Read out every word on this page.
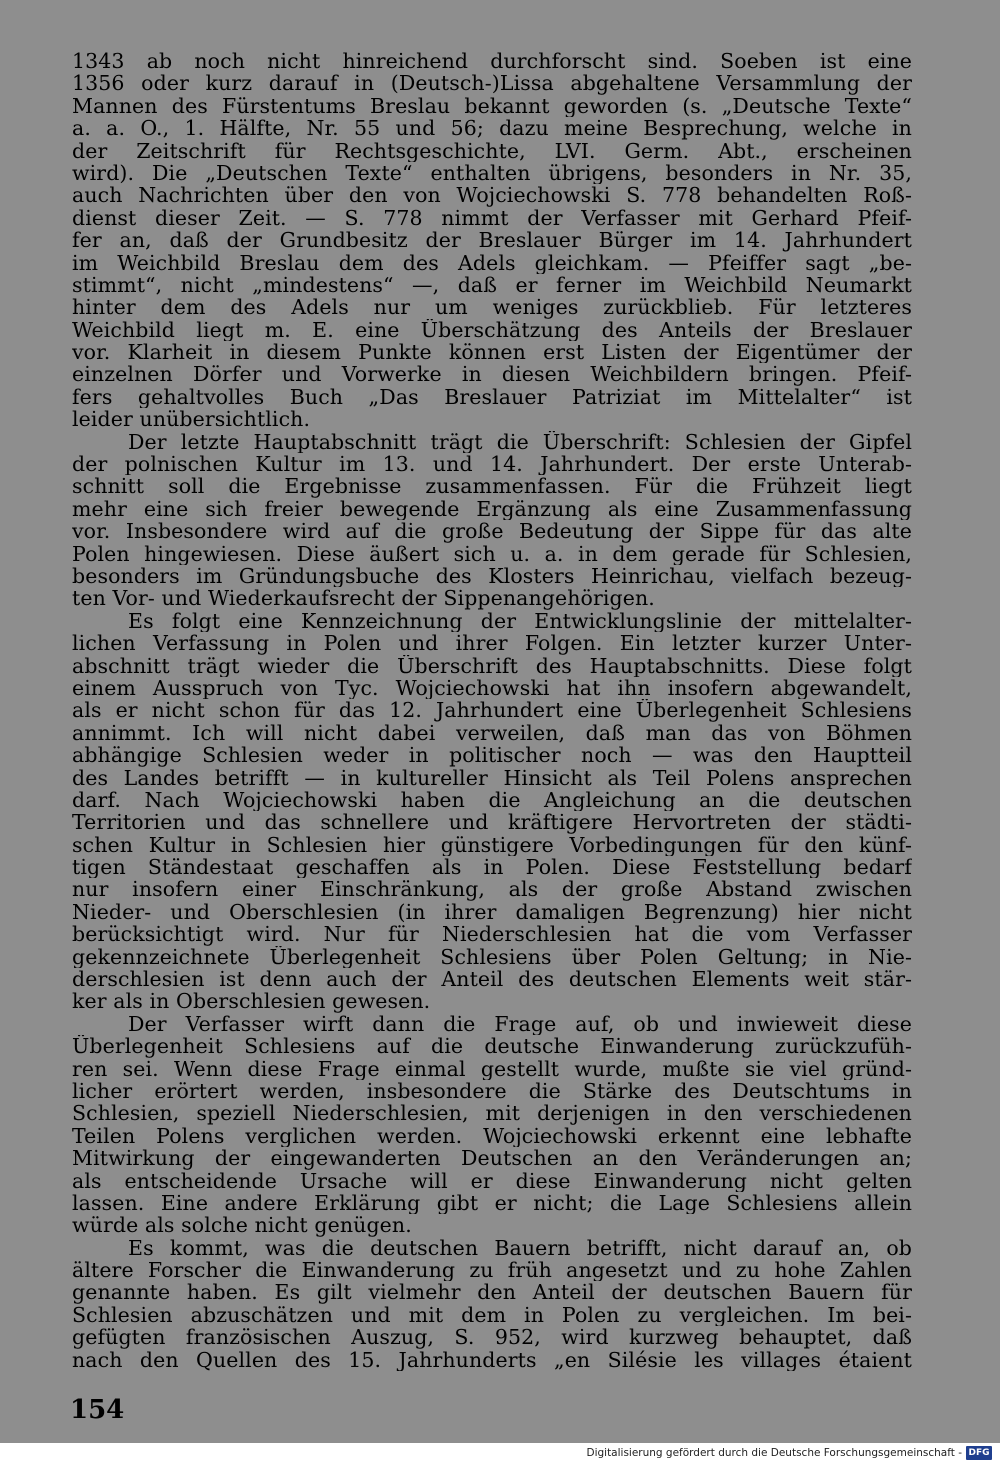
1343 ab noch nicht hinreichend durchforscht sind. Soeben ist eine
1356 oder kurz darauf in (Deutsch-)Lissa abgehaltene Versammlung der
Mannen des Fürstentums Breslau bekannt geworden (s. „Deutsche Texte“
a. a. O., 1. Hälfte, Nr. 55 und 56; dazu meine Besprechung, welche in
der Zeitschrift für Rechtsgeschichte, LVI. Germ. Abt., erscheinen
wird). Die „Deutschen Texte“ enthalten übrigens, besonders in Nr. 35,
auch Nachrichten über den von Wojciechowski S. 778 behandelten Roß-
dienst dieser Zeit. — S. 778 nimmt der Verfasser mit Gerhard Pfeif-
fer an, daß der Grundbesitz der Breslauer Bürger im 14. Jahrhundert
im Weichbild Breslau dem des Adels gleichkam. — Pfeiffer sagt „be-
stimmt“, nicht „mindestens“ —, daß er ferner im Weichbild Neumarkt
hinter dem des Adels nur um weniges zurückblieb. Für letzteres
Weichbild liegt m. E. eine Überschätzung des Anteils der Breslauer
vor. Klarheit in diesem Punkte können erst Listen der Eigentümer der
einzelnen Dörfer und Vorwerke in diesen Weichbildern bringen. Pfeif-
fers gehaltvolles Buch „Das Breslauer Patriziat im Mittelalter“ ist
leider unübersichtlich.
Der letzte Hauptabschnitt trägt die Überschrift: Schlesien der Gipfel
der polnischen Kultur im 13. und 14. Jahrhundert. Der erste Unterab-
schnitt soll die Ergebnisse zusammenfassen. Für die Frühzeit liegt
mehr eine sich freier bewegende Ergänzung als eine Zusammenfassung
vor. Insbesondere wird auf die große Bedeutung der Sippe für das alte
Polen hingewiesen. Diese äußert sich u. a. in dem gerade für Schlesien,
besonders im Gründungsbuche des Klosters Heinrichau, vielfach bezeug-
ten Vor- und Wiederkaufsrecht der Sippenangehörigen.
Es folgt eine Kennzeichnung der Entwicklungslinie der mittelalter-
lichen Verfassung in Polen und ihrer Folgen. Ein letzter kurzer Unter-
abschnitt trägt wieder die Überschrift des Hauptabschnitts. Diese folgt
einem Ausspruch von Tyc. Wojciechowski hat ihn insofern abgewandelt,
als er nicht schon für das 12. Jahrhundert eine Überlegenheit Schlesiens
annimmt. Ich will nicht dabei verweilen, daß man das von Böhmen
abhängige Schlesien weder in politischer noch — was den Hauptteil
des Landes betrifft — in kultureller Hinsicht als Teil Polens ansprechen
darf. Nach Wojciechowski haben die Angleichung an die deutschen
Territorien und das schnellere und kräftigere Hervortreten der städti-
schen Kultur in Schlesien hier günstigere Vorbedingungen für den künf-
tigen Ständestaat geschaffen als in Polen. Diese Feststellung bedarf
nur insofern einer Einschränkung, als der große Abstand zwischen
Nieder- und Oberschlesien (in ihrer damaligen Begrenzung) hier nicht
berücksichtigt wird. Nur für Niederschlesien hat die vom Verfasser
gekennzeichnete Überlegenheit Schlesiens über Polen Geltung; in Nie-
derschlesien ist denn auch der Anteil des deutschen Elements weit stär-
ker als in Oberschlesien gewesen.
Der Verfasser wirft dann die Frage auf, ob und inwieweit diese
Überlegenheit Schlesiens auf die deutsche Einwanderung zurückzufüh-
ren sei. Wenn diese Frage einmal gestellt wurde, mußte sie viel gründ-
licher erörtert werden, insbesondere die Stärke des Deutschtums in
Schlesien, speziell Niederschlesien, mit derjenigen in den verschiedenen
Teilen Polens verglichen werden. Wojciechowski erkennt eine lebhafte
Mitwirkung der eingewanderten Deutschen an den Veränderungen an;
als entscheidende Ursache will er diese Einwanderung nicht gelten
lassen. Eine andere Erklärung gibt er nicht; die Lage Schlesiens allein
würde als solche nicht genügen.
Es kommt, was die deutschen Bauern betrifft, nicht darauf an, ob
ältere Forscher die Einwanderung zu früh angesetzt und zu hohe Zahlen
genannte haben. Es gilt vielmehr den Anteil der deutschen Bauern für
Schlesien abzuschätzen und mit dem in Polen zu vergleichen. Im bei-
gefügten französischen Auszug, S. 952, wird kurzweg behauptet, daß
nach den Quellen des 15. Jahrhunderts „en Silésie les villages étaient
154
Digitalisierung gefördert durch die Deutsche Forschungsgemeinschaft - DFG
